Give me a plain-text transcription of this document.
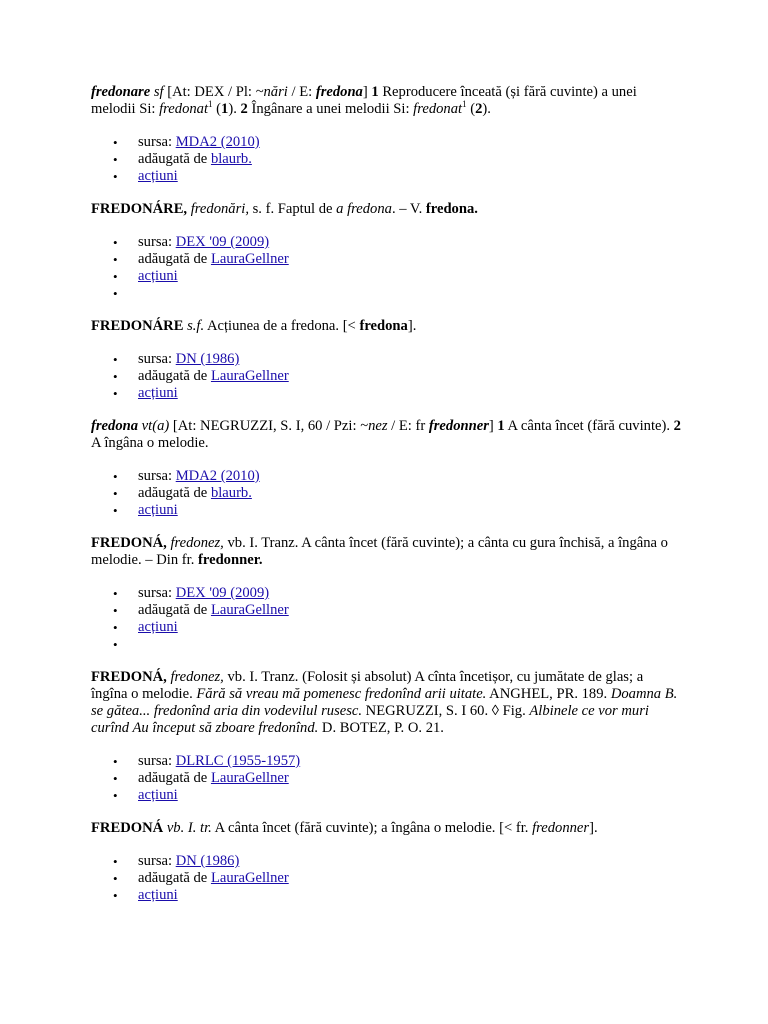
fredonare sf [At: DEX / Pl: ~nări / E: fredona] 1 Reproducere înceată (și fără cuvinte) a unei melodii Si: fredonat$^1$ (1). 2 Îngânare a unei melodii Si: fredonat$^1$ (2).

• sursa: MDA2 (2010)
• adăugată de blaurb.
• acțiuni

FREDONÁRE, fredonări, s. f. Faptul de a fredona. – V. fredona.

• sursa: DEX '09 (2009)
• adăugată de LauraGellner
• acțiuni
•

FREDONÁRE s.f. Acțiunea de a fredona. [< fredona].

• sursa: DN (1986)
• adăugată de LauraGellner
• acțiuni

fredona vt(a) [At: NEGRUZZI, S. I, 60 / Pzi: ~nez / E: fr fredonner] 1 A cânta încet (fără cuvinte). 2 A îngâna o melodie.

• sursa: MDA2 (2010)
• adăugată de blaurb.
• acțiuni

FREDONÁ, fredonez, vb. I. Tranz. A cânta încet (fără cuvinte); a cânta cu gura închisă, a îngâna o melodie. – Din fr. fredonner.

• sursa: DEX '09 (2009)
• adăugată de LauraGellner
• acțiuni
•

FREDONÁ, fredonez, vb. I. Tranz. (Folosit și absolut) A cînta încetișor, cu jumătate de glas; a îngîna o melodie. Fără să vreau mă pomenesc fredonînd arii uitate. ANGHEL, PR. 189. Doamna B. se gătea... fredonînd aria din vodevilul rusesc. NEGRUZZI, S. I 60. ◊ Fig. Albinele ce vor muri curînd Au început să zboare fredonînd. D. BOTEZ, P. O. 21.

• sursa: DLRLC (1955-1957)
• adăugată de LauraGellner
• acțiuni

FREDONÁ vb. I. tr. A cânta încet (fără cuvinte); a îngâna o melodie. [< fr. fredonner].

• sursa: DN (1986)
• adăugată de LauraGellner
• acțiuni
